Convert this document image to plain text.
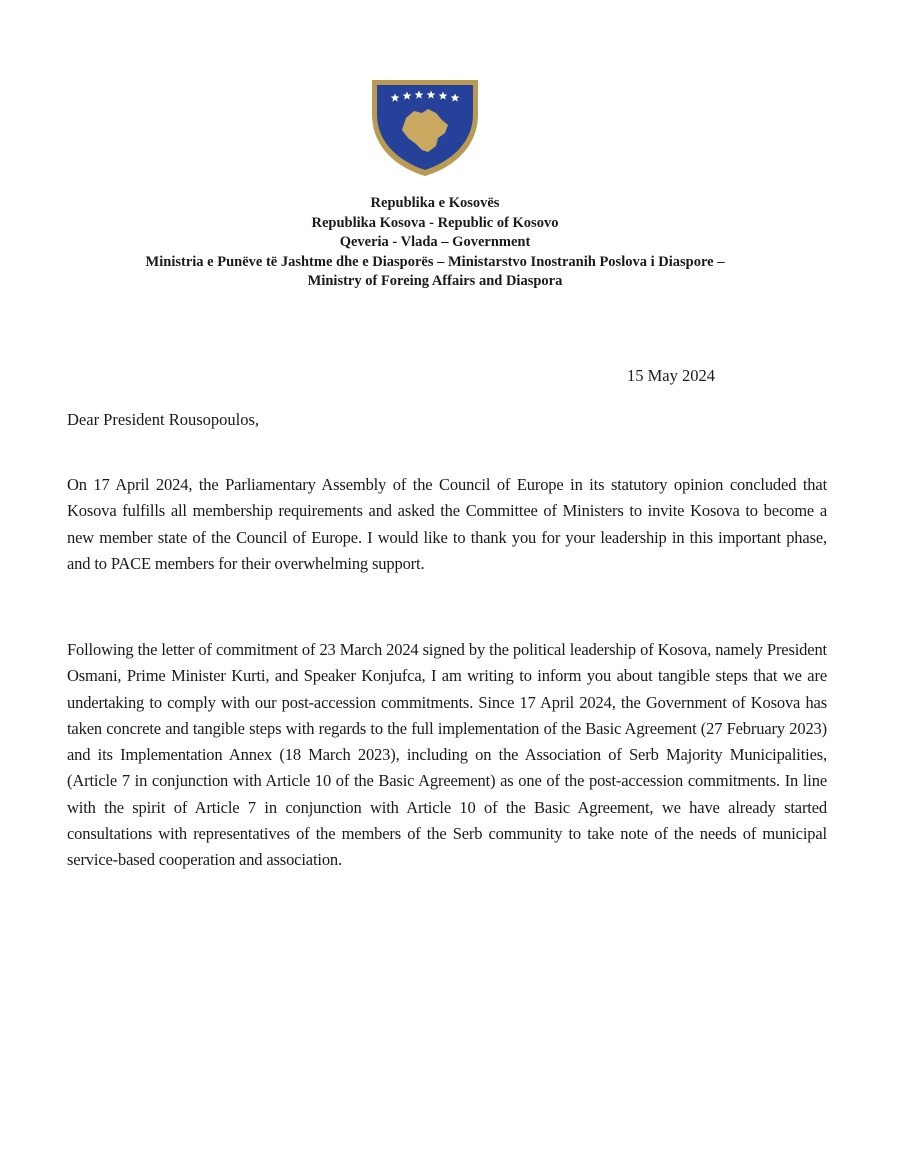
Republika e Kosovës
Republika Kosova - Republic of Kosovo
Qeveria - Vlada – Government
Ministria e Punëve të Jashtme dhe e Diasporës – Ministarstvo Inostranih Poslova i Diaspore –
Ministry of Foreing Affairs and Diaspora
15 May 2024
Dear President Rousopoulos,
On 17 April 2024, the Parliamentary Assembly of the Council of Europe in its statutory opinion concluded that Kosova fulfills all membership requirements and asked the Committee of Ministers to invite Kosova to become a new member state of the Council of Europe. I would like to thank you for your leadership in this important phase, and to PACE members for their overwhelming support.
Following the letter of commitment of 23 March 2024 signed by the political leadership of Kosova, namely President Osmani, Prime Minister Kurti, and Speaker Konjufca, I am writing to inform you about tangible steps that we are undertaking to comply with our post-accession commitments. Since 17 April 2024, the Government of Kosova has taken concrete and tangible steps with regards to the full implementation of the Basic Agreement (27 February 2023) and its Implementation Annex (18 March 2023), including on the Association of Serb Majority Municipalities, (Article 7 in conjunction with Article 10 of the Basic Agreement) as one of the post-accession commitments. In line with the spirit of Article 7 in conjunction with Article 10 of the Basic Agreement, we have already started consultations with representatives of the members of the Serb community to take note of the needs of municipal service-based cooperation and association.
